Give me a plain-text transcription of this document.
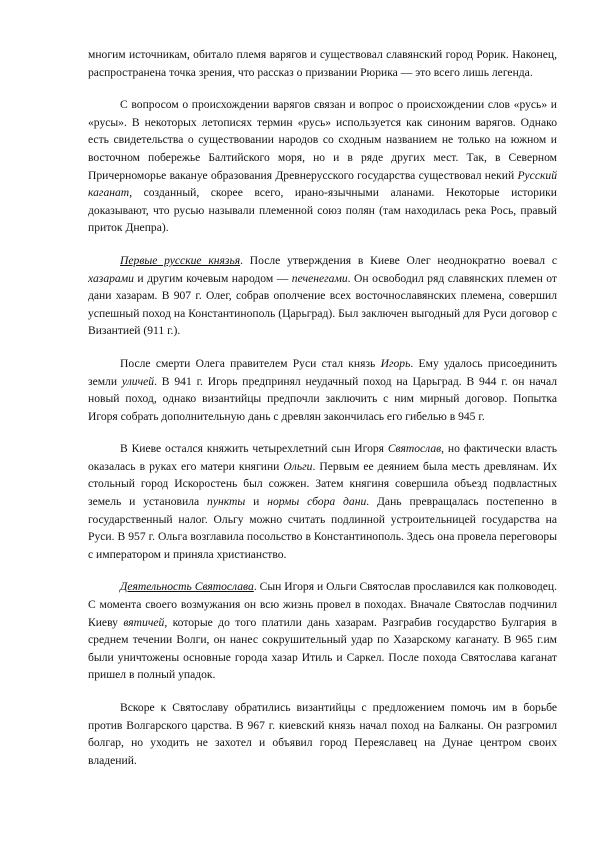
многим источникам, обитало племя варягов и существовал славянский город Рорик. Наконец, распространена точка зрения, что рассказ о призвании Рюрика — это всего лишь легенда.

С вопросом о происхождении варягов связан и вопрос о происхождении слов «русь» и «русы». В некоторых летописях термин «русь» используется как синоним варягов. Однако есть свидетельства о существовании народов со сходным названием не только на южном и восточном побережье Балтийского моря, но и в ряде других мест. Так, в Северном Причерноморье вакануе образования Древнерусского государства существовал некий Русский каганат, созданный, скорее всего, ирано-язычными аланами. Некоторые историки доказывают, что русью называли племенной союз полян (там находилась река Рось, правый приток Днепра).

Первые русские князья. После утверждения в Киеве Олег неоднократно воевал с хазарами и другим кочевым народом — печенегами. Он освободил ряд славянских племен от дани хазарам. В 907 г. Олег, собрав ополчение всех восточнославянских племена, совершил успешный поход на Константинополь (Царьград). Был заключен выгодный для Руси договор с Византией (911 г.).

После смерти Олега правителем Руси стал князь Игорь. Ему удалось присоединить земли уличей. В 941 г. Игорь предпринял неудачный поход на Царьград. В 944 г. он начал новый поход, однако византийцы предпочли заключить с ним мирный договор. Попытка Игоря собрать дополнительную дань с древлян закончилась его гибелью в 945 г.

В Киеве остался княжить четырехлетний сын Игоря Святослав, но фактически власть оказалась в руках его матери княгини Ольги. Первым ее деянием была месть древлянам. Их стольный город Искоростень был сожжен. Затем княгиня совершила объезд подвластных земель и установила пункты и нормы сбора дани. Дань превращалась постепенно в государственный налог. Ольгу можно считать подлинной устроительницей государства на Руси. В 957 г. Ольга возглавила посольство в Константинополь. Здесь она провела переговоры с императором и приняла христианство.

Деятельность Святослава. Сын Игоря и Ольги Святослав прославился как полководец. С момента своего возмужания он всю жизнь провел в походах. Вначале Святослав подчинил Киеву вятичей, которые до того платили дань хазарам. Разграбив государство Булгария в среднем течении Волги, он нанес сокрушительный удар по Хазарскому каганату. В 965 г.им были уничтожены основные города хазар Итиль и Саркел. После похода Святослава каганат пришел в полный упадок.

Вскоре к Святославу обратились византийцы с предложением помочь им в борьбе против Волгарского царства. В 967 г. киевский князь начал поход на Балканы. Он разгромил болгар, но уходить не захотел и объявил город Переяславец на Дунае центром своих владений.
